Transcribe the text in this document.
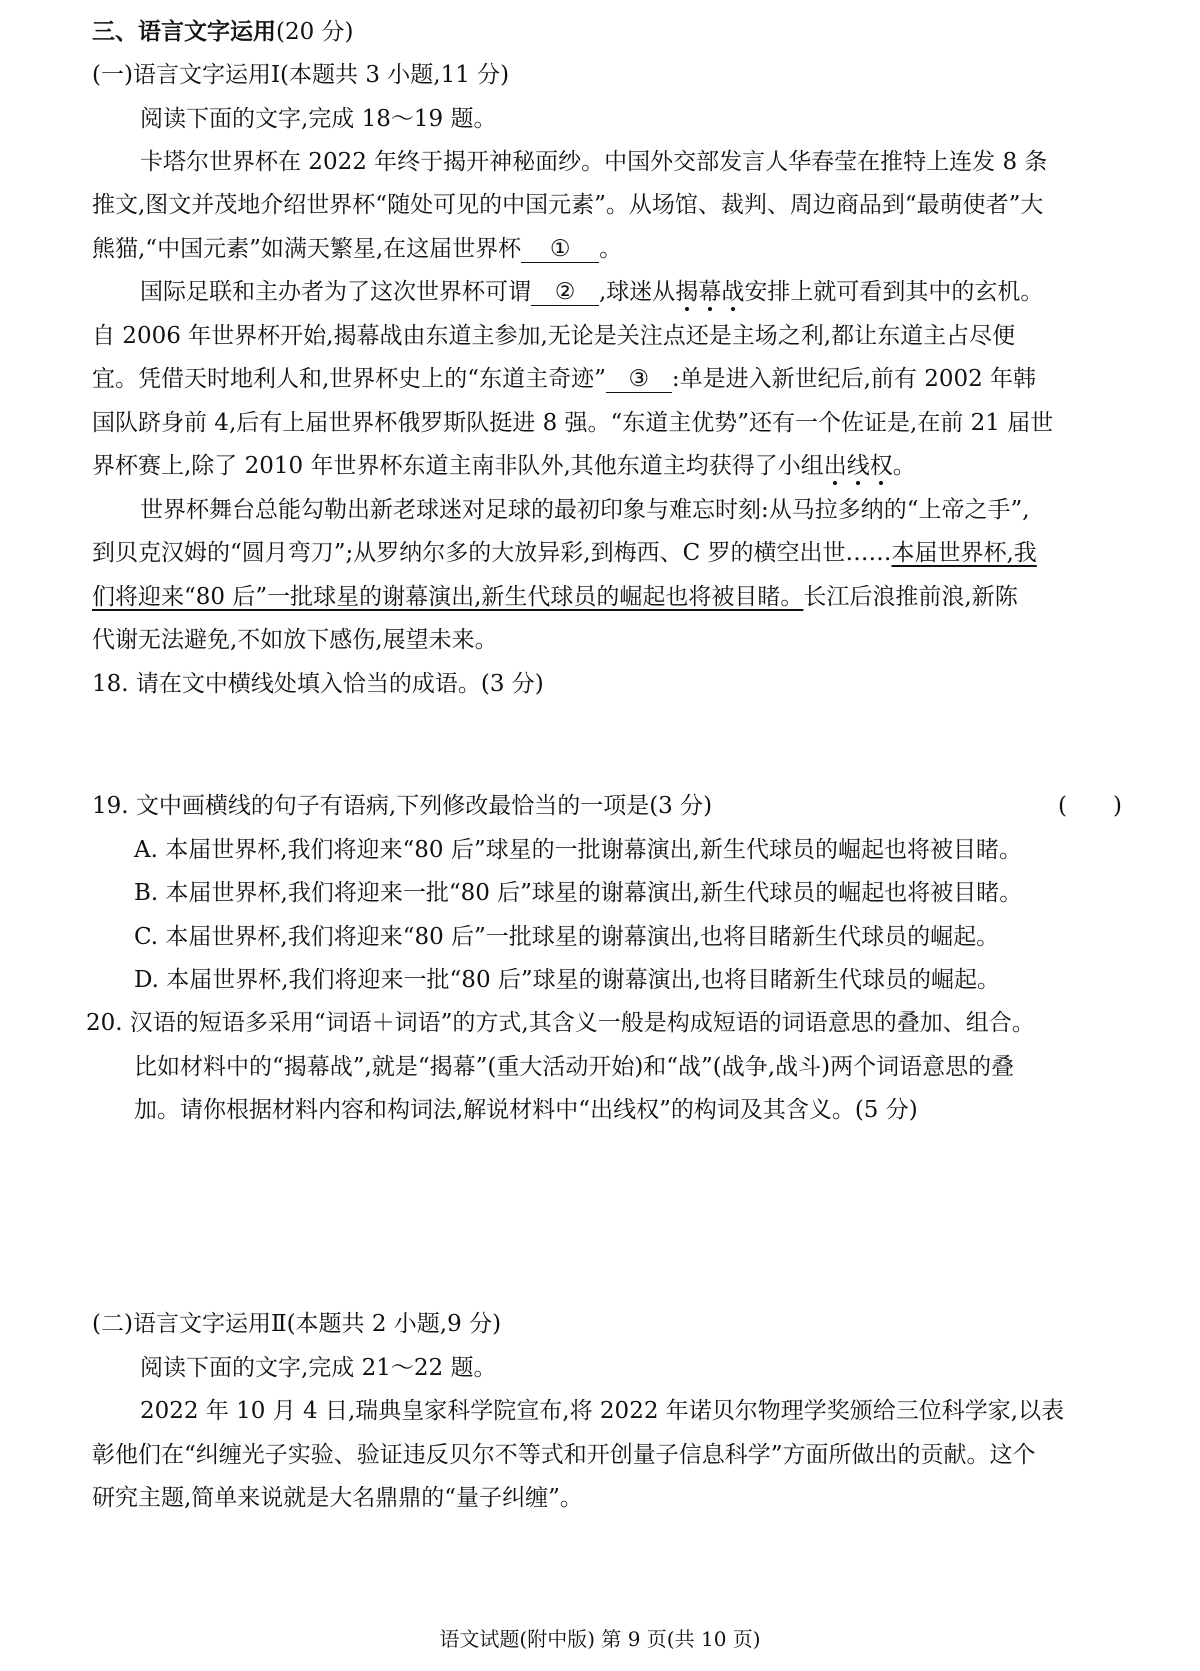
三、语言文字运用(20 分)
(一)语言文字运用Ⅰ(本题共 3 小题,11 分)
阅读下面的文字,完成 18～19 题。
卡塔尔世界杯在 2022 年终于揭开神秘面纱。中国外交部发言人华春莹在推特上连发 8 条
推文,图文并茂地介绍世界杯“随处可见的中国元素”。从场馆、裁判、周边商品到“最萌使者”大
熊猫,“中国元素”如满天繁星,在这届世界杯 ① 。
国际足联和主办者为了这次世界杯可谓 ② ,球迷从揭幕战安排上就可看到其中的玄机。
自 2006 年世界杯开始,揭幕战由东道主参加,无论是关注点还是主场之利,都让东道主占尽便
宜。凭借天时地利人和,世界杯史上的“东道主奇迹” ③ :单是进入新世纪后,前有 2002 年韩
国队跻身前 4,后有上届世界杯俄罗斯队挺进 8 强。“东道主优势”还有一个佐证是,在前 21 届世
界杯赛上,除了 2010 年世界杯东道主南非队外,其他东道主均获得了小组出线权。
世界杯舞台总能勾勒出新老球迷对足球的最初印象与难忘时刻:从马拉多纳的“上帝之手”,
到贝克汉姆的“圆月弯刀”;从罗纳尔多的大放异彩,到梅西、C 罗的横空出世……本届世界杯,我
们将迎来“80 后”一批球星的谢幕演出,新生代球员的崛起也将被目睹。长江后浪推前浪,新陈
代谢无法避免,不如放下感伤,展望未来。
18. 请在文中横线处填入恰当的成语。(3 分)
19. 文中画横线的句子有语病,下列修改最恰当的一项是(3 分)	(　　)
A. 本届世界杯,我们将迎来“80 后”球星的一批谢幕演出,新生代球员的崛起也将被目睹。
B. 本届世界杯,我们将迎来一批“80 后”球星的谢幕演出,新生代球员的崛起也将被目睹。
C. 本届世界杯,我们将迎来“80 后”一批球星的谢幕演出,也将目睹新生代球员的崛起。
D. 本届世界杯,我们将迎来一批“80 后”球星的谢幕演出,也将目睹新生代球员的崛起。
20. 汉语的短语多采用“词语＋词语”的方式,其含义一般是构成短语的词语意思的叠加、组合。
比如材料中的“揭幕战”,就是“揭幕”(重大活动开始)和“战”(战争,战斗)两个词语意思的叠
加。请你根据材料内容和构词法,解说材料中“出线权”的构词及其含义。(5 分)
(二)语言文字运用Ⅱ(本题共 2 小题,9 分)
阅读下面的文字,完成 21～22 题。
2022 年 10 月 4 日,瑞典皇家科学院宣布,将 2022 年诺贝尔物理学奖颁给三位科学家,以表
彰他们在“纠缠光子实验、验证违反贝尔不等式和开创量子信息科学”方面所做出的贡献。这个
研究主题,简单来说就是大名鼎鼎的“量子纠缠”。
语文试题(附中版) 第 9 页(共 10 页)
